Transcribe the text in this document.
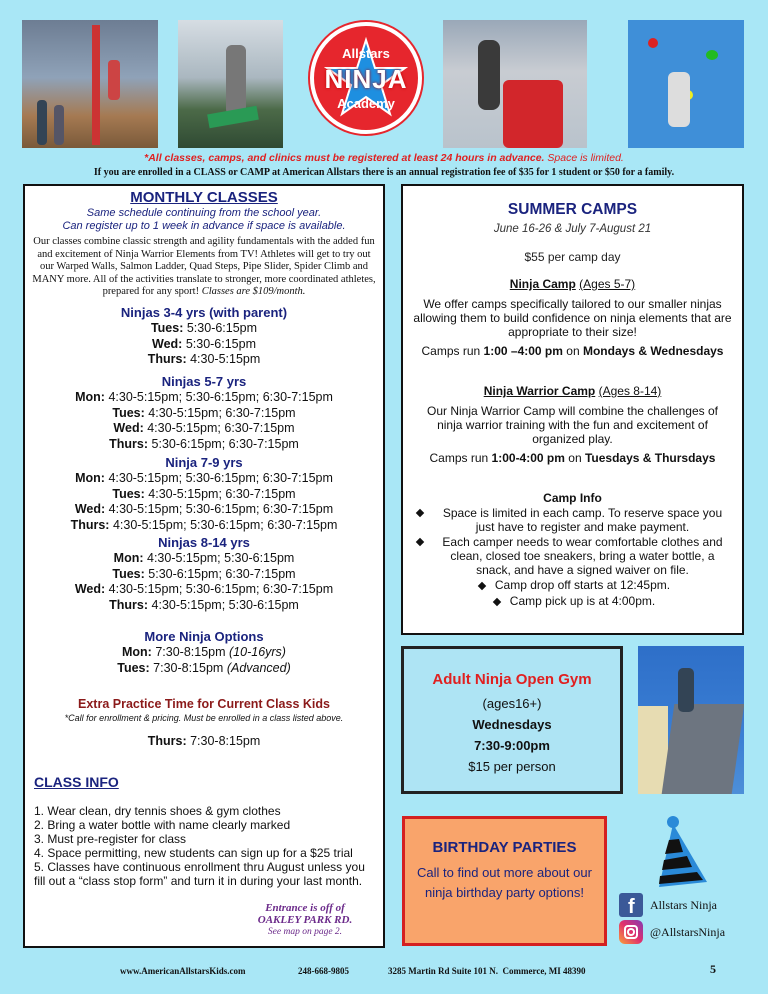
Allstars
NINJA
Academy
*All classes, camps, and clinics must be registered at least 24 hours in advance. Space is limited.
If you are enrolled in a CLASS or CAMP at American Allstars there is an annual registration fee of $35 for 1 student or $50 for a family.
MONTHLY CLASSES
Same schedule continuing from the school year.
Can register up to 1 week in advance if space is available.
Our classes combine classic strength and agility fundamentals with the added fun and excitement of Ninja Warrior Elements from TV! Athletes will get to try out our Warped Walls, Salmon Ladder, Quad Steps, Pipe Slider, Spider Climb and MANY more. All of the activities translate to stronger, more coordinated athletes, prepared for any sport! Classes are $109/month.

Ninjas 3-4 yrs (with parent)

Tues: 5:30-6:15pm

Wed: 5:30-6:15pm

Thurs: 4:30-5:15pm

Ninjas 5-7 yrs

Mon: 4:30-5:15pm; 5:30-6:15pm; 6:30-7:15pm

Tues: 4:30-5:15pm; 6:30-7:15pm

Wed: 4:30-5:15pm; 6:30-7:15pm

Thurs: 5:30-6:15pm; 6:30-7:15pm

Ninja 7-9 yrs

Mon: 4:30-5:15pm; 5:30-6:15pm; 6:30-7:15pm

Tues: 4:30-5:15pm; 6:30-7:15pm

Wed: 4:30-5:15pm; 5:30-6:15pm; 6:30-7:15pm

Thurs: 4:30-5:15pm; 5:30-6:15pm; 6:30-7:15pm

Ninjas 8-14 yrs

Mon: 4:30-5:15pm; 5:30-6:15pm

Tues: 5:30-6:15pm; 6:30-7:15pm

Wed: 4:30-5:15pm; 5:30-6:15pm; 6:30-7:15pm

Thurs: 4:30-5:15pm; 5:30-6:15pm

More Ninja Options

Mon: 7:30-8:15pm (10-16yrs)

Tues: 7:30-8:15pm (Advanced)

Extra Practice Time for Current Class Kids

*Call for enrollment & pricing. Must be enrolled in a class listed above.

Thurs: 7:30-8:15pm

CLASS INFO
1. Wear clean, dry tennis shoes & gym clothes
2. Bring a water bottle with name clearly marked
3. Must pre-register for class
4. Space permitting, new students can sign up for a $25 trial
5. Classes have continuous enrollment thru August unless you fill out a “class stop form” and turn it in during your last month.
Entrance is off of
OAKLEY PARK RD.
See map on page 2.
SUMMER CAMPS
June 16-26 & July 7-August 21
$55 per camp day
Ninja Camp (Ages 5-7)
We offer camps specifically tailored to our smaller ninjas allowing them to build confidence on ninja elements that are appropriate to their size!
Camps run 1:00 –4:00 pm on Mondays & Wednesdays
Ninja Warrior Camp (Ages 8-14)
Our Ninja Warrior Camp will combine the challenges of ninja warrior training with the fun and excitement of organized play.
Camps run 1:00-4:00 pm on Tuesdays & Thursdays
Camp Info
Space is limited in each camp. To reserve space you just have to register and make payment.
Each camper needs to wear comfortable clothes and clean, closed toe sneakers, bring a water bottle, a snack, and have a signed waiver on file.
Camp drop off starts at 12:45pm.
Camp pick up is at 4:00pm.
Adult Ninja Open Gym
(ages16+)
Wednesdays
7:30-9:00pm
$15 per person
BIRTHDAY PARTIES
Call to find out more about our ninja birthday party options!
f Allstars Ninja
@AllstarsNinja
www.AmericanAllstarsKids.com	248-668-9805	3285 Martin Rd Suite 101 N.  Commerce, MI 48390	5
